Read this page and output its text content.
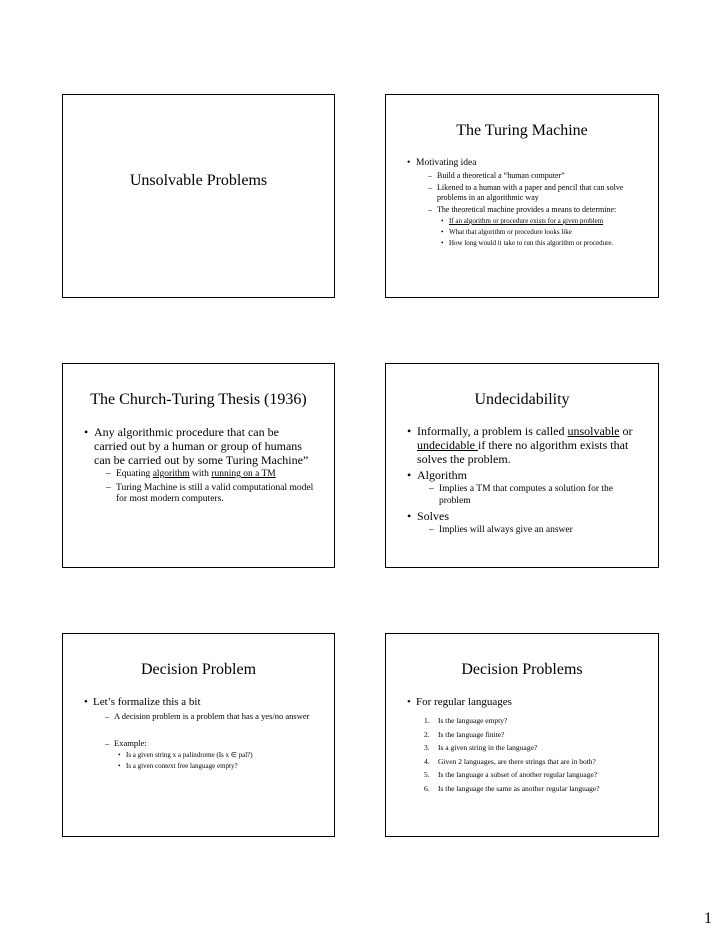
Unsolvable Problems
The Turing Machine
• Motivating idea
– Build a theoretical a “human computer”
– Likened to a human with a paper and pencil that can solve problems in an algorithmic way
– The theoretical machine provides a means to determine:
• If an algorithm or procedure exists for a given problem
• What that algorithm or procedure looks like
• How long would it take to run this algorithm or procedure.
The Church-Turing Thesis (1936)
• Any algorithmic procedure that can be carried out by a human or group of humans can be carried out by some Turing Machine”
– Equating algorithm with running on a TM
– Turing Machine is still a valid computational model for most modern computers.
Undecidability
• Informally, a problem is called unsolvable or undecidable if there no algorithm exists that solves the problem.
• Algorithm
– Implies a TM that computes a solution for the problem
• Solves
– Implies will always give an answer
Decision Problem
• Let’s formalize this a bit
– A decision problem is a problem that has a yes/no answer
– Example:
• Is a given string x a palindrome (Is x ∈ pal?)
• Is a given context free language empty?
Decision Problems
• For regular languages
1. Is the language empty?
2. Is the language finite?
3. Is a given string in the language?
4. Given 2 languages, are there strings that are in both?
5. Is the language a subset of another regular language?
6. Is the language the same as another regular language?
1
